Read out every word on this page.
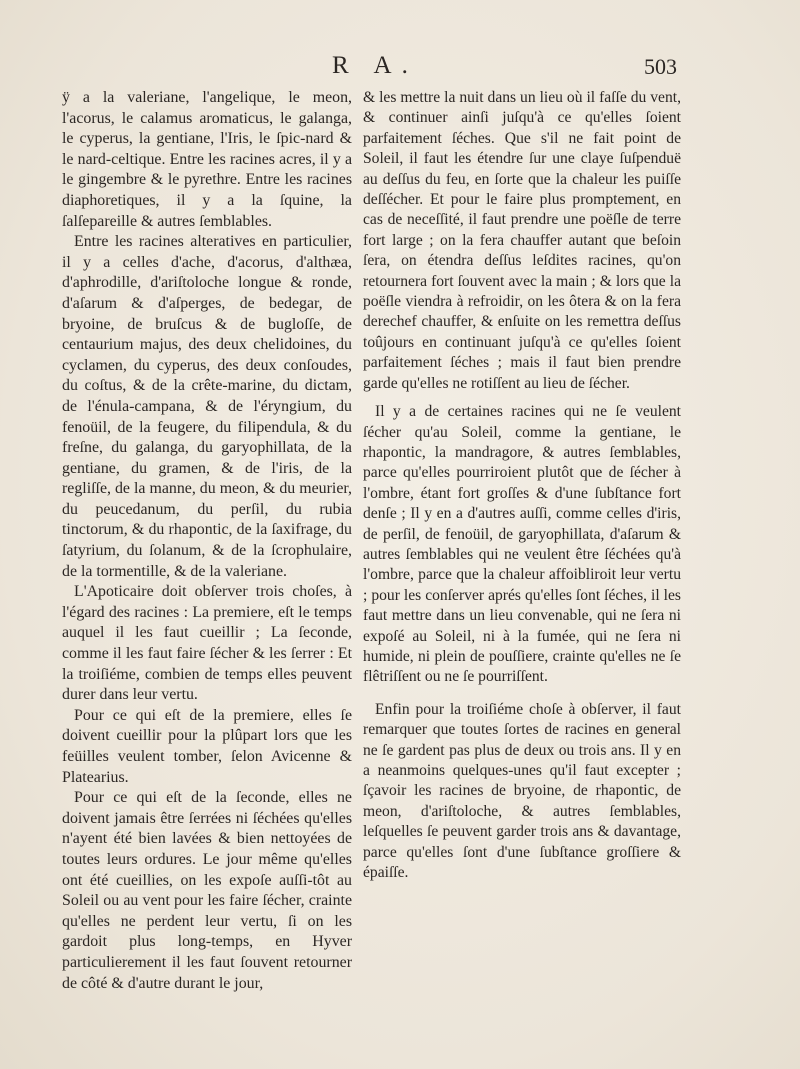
R A.	503

ÿ a la valeriane, l'angelique, le meon, l'acorus, le calamus aromaticus, le galanga, le cyperus, la gentiane, l'Iris, le ſpic-nard & le nard-celtique. Entre les racines acres, il y a le gingembre & le pyrethre. Entre les racines diaphoretiques, il y a la ſquine, la ſalſepareille & autres ſemblables.

Entre les racines alteratives en particulier, il y a celles d'ache, d'acorus, d'althæa, d'aphrodille, d'ariſtoloche longue & ronde, d'aſarum & d'aſperges, de bedegar, de bryoine, de bruſcus & de bugloſſe, de centaurium majus, des deux chelidoines, du cyclamen, du cyperus, des deux conſoudes, du coſtus, & de la crête-marine, du dictam, de l'énula-campana, & de l'éryngium, du fenoüil, de la feugere, du filipendula, & du freſne, du galanga, du garyophillata, de la gentiane, du gramen, & de l'iris, de la regliſſe, de la manne, du meon, & du meurier, du peucedanum, du perſil, du rubia tinctorum, & du rhapontic, de la ſaxifrage, du ſatyrium, du ſolanum, & de la ſcrophulaire, de la tormentille, & de la valeriane.

L'Apoticaire doit obſerver trois choſes, à l'égard des racines : La premiere, eſt le temps auquel il les faut cueillir ; La ſeconde, comme il les faut faire ſécher & les ſerrer : Et la troiſiéme, combien de temps elles peuvent durer dans leur vertu.

Pour ce qui eſt de la premiere, elles ſe doivent cueillir pour la plûpart lors que les feüilles veulent tomber, ſelon Avicenne & Platearius.

Pour ce qui eſt de la ſeconde, elles ne doivent jamais être ſerrées ni ſéchées qu'elles n'ayent été bien lavées & bien nettoyées de toutes leurs ordures. Le jour même qu'elles ont été cueillies, on les expoſe auſſi-tôt au Soleil ou au vent pour les faire ſécher, crainte qu'elles ne perdent leur vertu, ſi on les gardoit plus long-temps, en Hyver particulierement il les faut ſouvent retourner de côté & d'autre durant le jour,

& les mettre la nuit dans un lieu où il faſſe du vent, & continuer ainſi juſqu'à ce qu'elles ſoient parfaitement ſéches. Que s'il ne fait point de Soleil, il faut les étendre ſur une claye ſuſpenduë au deſſus du feu, en ſorte que la chaleur les puiſſe deſſécher. Et pour le faire plus promptement, en cas de neceſſité, il faut prendre une poëſle de terre fort large ; on la fera chauffer autant que beſoin ſera, on étendra deſſus leſdites racines, qu'on retournera fort ſouvent avec la main ; & lors que la poëſle viendra à refroidir, on les ôtera & on la fera derechef chauffer, & enſuite on les remettra deſſus toûjours en continuant juſqu'à ce qu'elles ſoient parfaitement ſéches ; mais il faut bien prendre garde qu'elles ne rotiſſent au lieu de ſécher.

Il y a de certaines racines qui ne ſe veulent ſécher qu'au Soleil, comme la gentiane, le rhapontic, la mandragore, & autres ſemblables, parce qu'elles pourriroient plutôt que de ſécher à l'ombre, étant fort groſſes & d'une ſubſtance fort denſe ; Il y en a d'autres auſſi, comme celles d'iris, de perſil, de fenoüil, de garyophillata, d'aſarum & autres ſemblables qui ne veulent être ſéchées qu'à l'ombre, parce que la chaleur affoibliroit leur vertu ; pour les conſerver aprés qu'elles ſont ſéches, il les faut mettre dans un lieu convenable, qui ne ſera ni expoſé au Soleil, ni à la fumée, qui ne ſera ni humide, ni plein de pouſſiere, crainte qu'elles ne ſe flêtriſſent ou ne ſe pourriſſent.

Enfin pour la troiſiéme choſe à obſerver, il faut remarquer que toutes ſortes de racines en general ne ſe gardent pas plus de deux ou trois ans. Il y en a neanmoins quelques-unes qu'il faut excepter ; ſçavoir les racines de bryoine, de rhapontic, de meon, d'ariſtoloche, & autres ſemblables, leſquelles ſe peuvent garder trois ans & davantage, parce qu'elles ſont d'une ſubſtance groſſiere & épaiſſe.
